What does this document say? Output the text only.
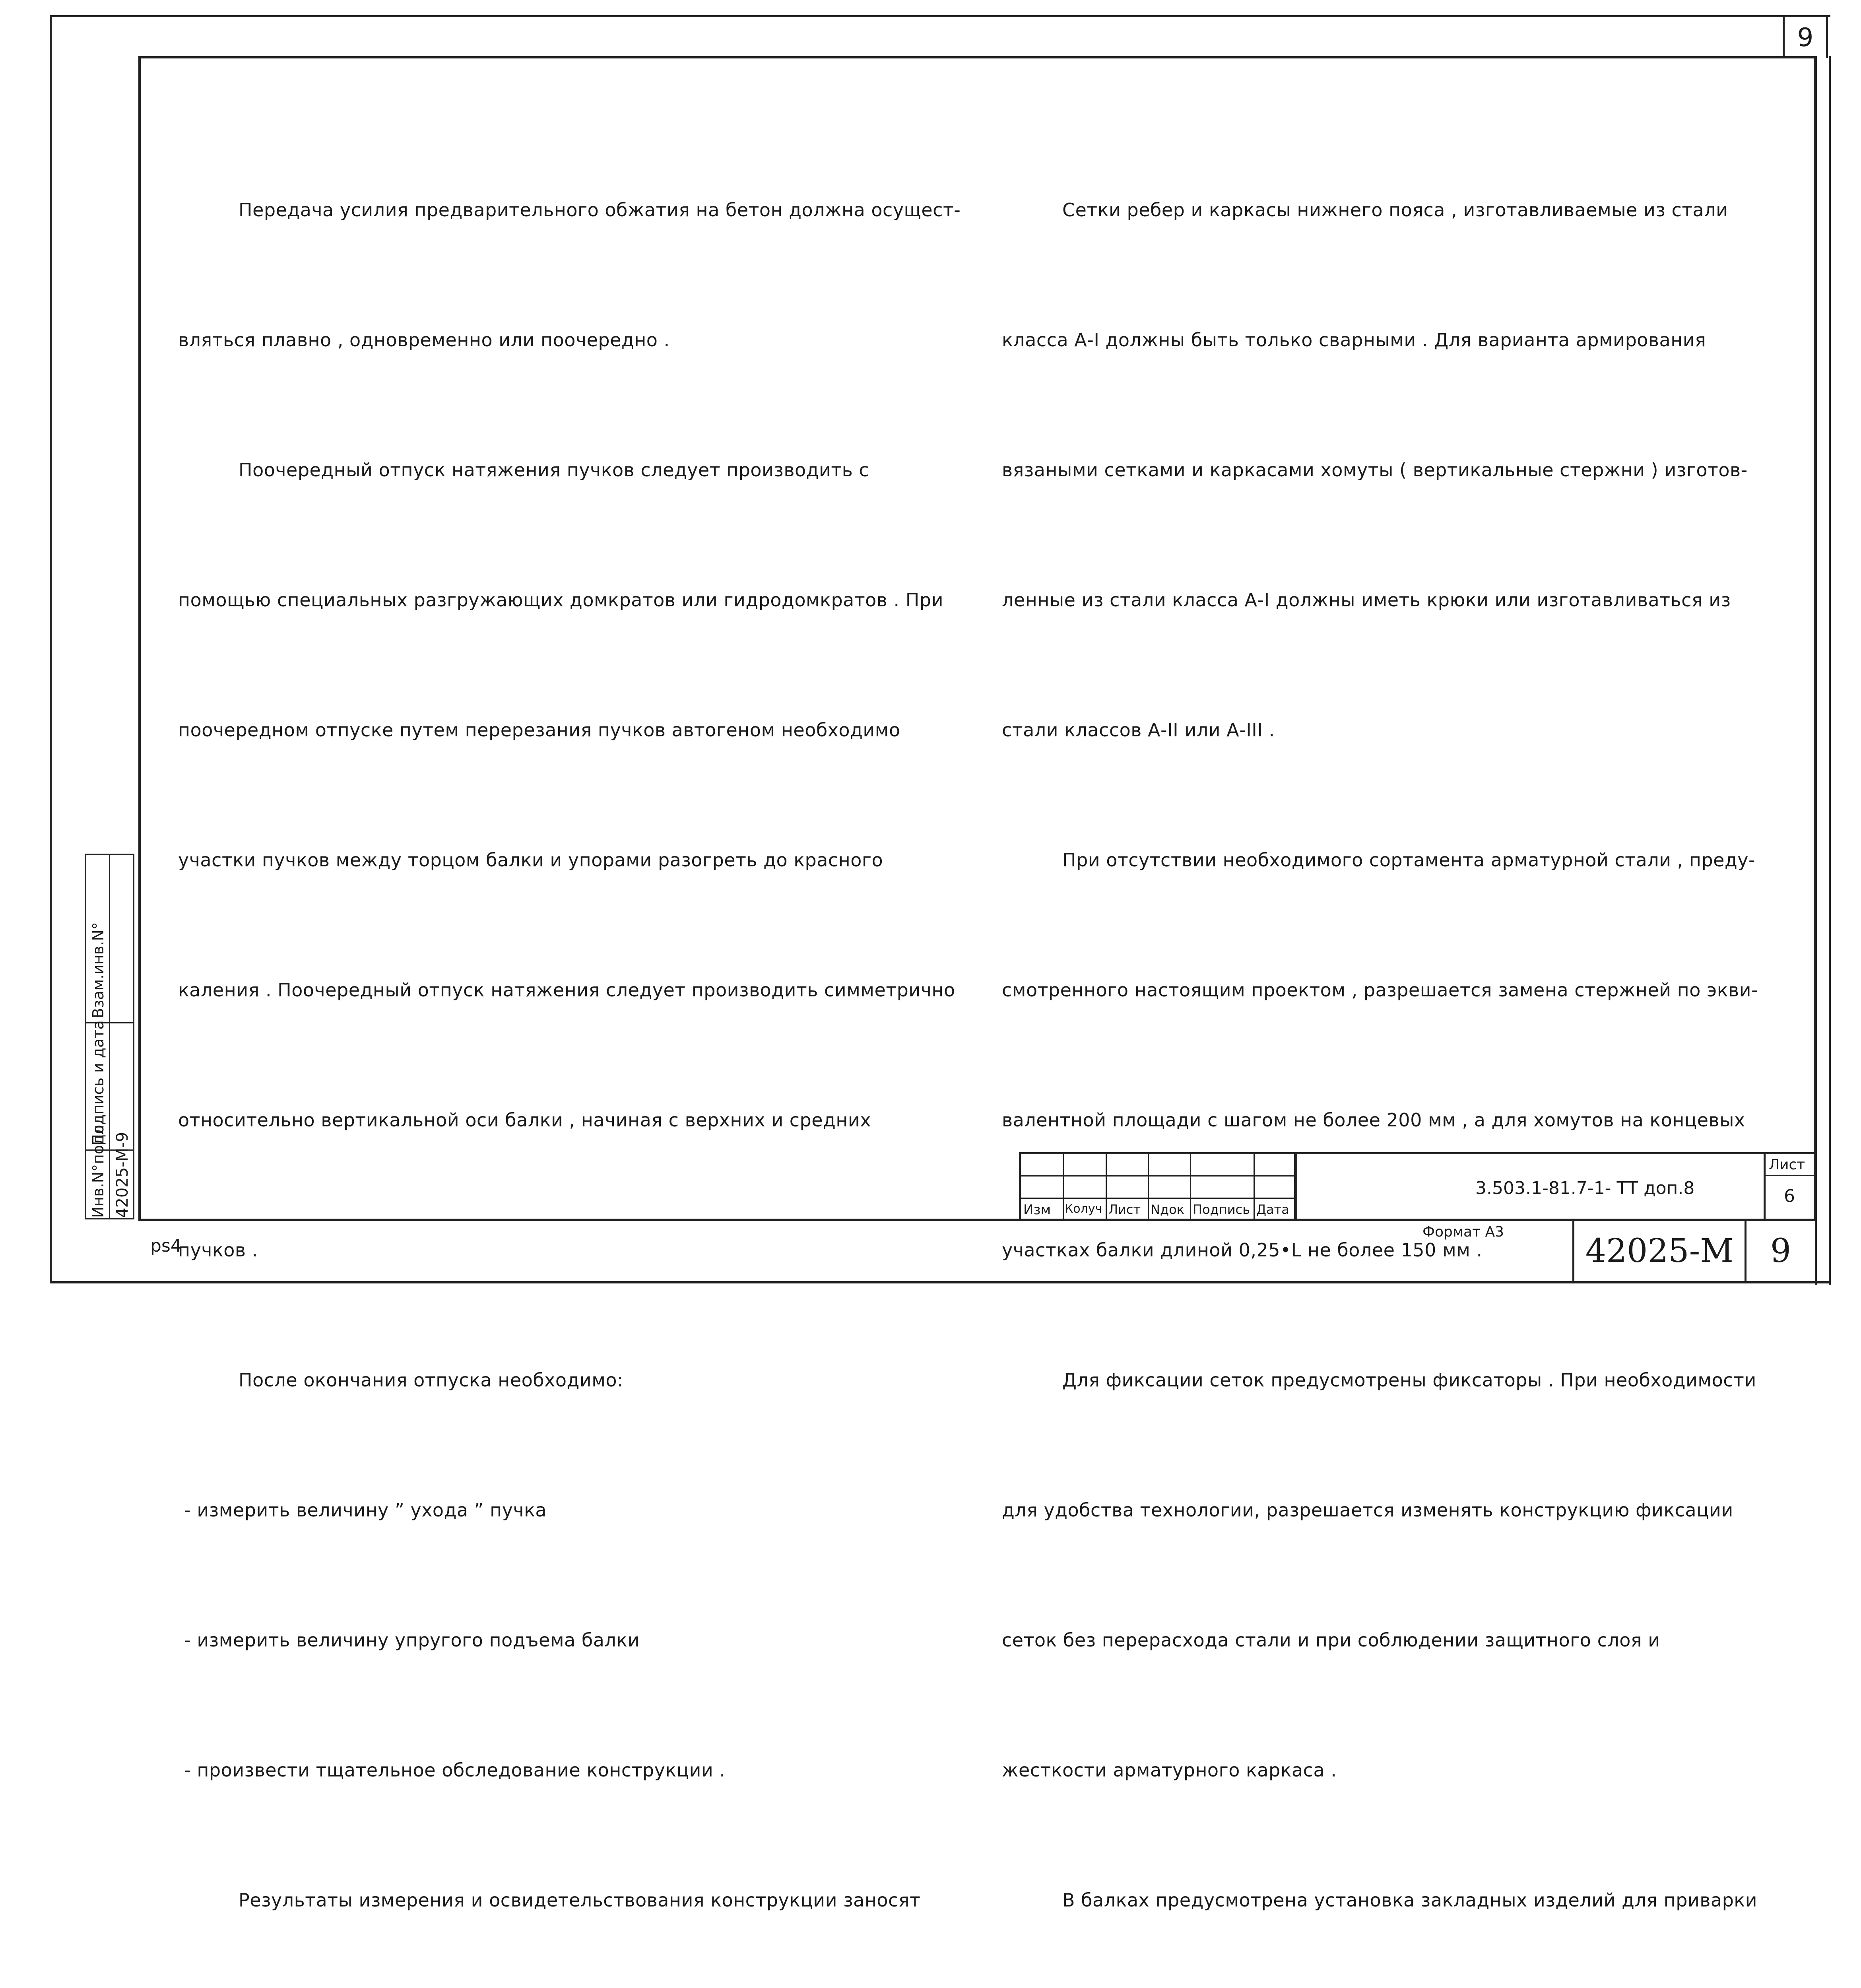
9

Передача усилия предварительного обжатия на бетон должна осущест-

вляться плавно , одновременно или поочередно .

Поочередный отпуск натяжения пучков следует производить с

помощью специальных разгружающих домкратов или гидродомкратов . При

поочередном отпуске путем перерезания пучков автогеном необходимо

участки пучков между торцом балки и упорами разогреть до красного

каления . Поочередный отпуск натяжения следует производить симметрично

относительно вертикальной оси балки , начиная с верхних и средних

пучков .

После окончания отпуска необходимо:

- измерить величину ” ухода ” пучка

- измерить величину упругого подъема балки

- произвести тщательное обследование конструкции .

Результаты измерения и освидетельствования конструкции заносят

Сетки ребер и каркасы нижнего пояса , изготавливаемые из стали

класса А-I должны быть только сварными . Для варианта армирования

вязаными сетками и каркасами хомуты ( вертикальные стержни ) изготов-

ленные из стали класса А-I должны иметь крюки или изготавливаться из

стали классов А-II или А-III .

При отсутствии необходимого сортамента арматурной стали , преду-

смотренного настоящим проектом , разрешается замена стержней по экви-

валентной площади с шагом не более 200 мм , а для хомутов на концевых

участках балки длиной 0,25•L не более 150 мм .

Для фиксации сеток предусмотрены фиксаторы . При необходимости

для удобства технологии, разрешается изменять конструкцию фиксации

сеток без перерасхода стали и при соблюдении защитного слоя и

жесткости арматурного каркаса .

В балках предусмотрена установка закладных изделий для приварки

Инв.N°подл. 42025-М-9
Подпись и дата
Взам.инв.N°
Изм Колуч Лист Nдок Подпись Дата
3.503.1-81.7-1- ТТ доп.8
Лист
6
ps4
Формат А3	42025-М	9
